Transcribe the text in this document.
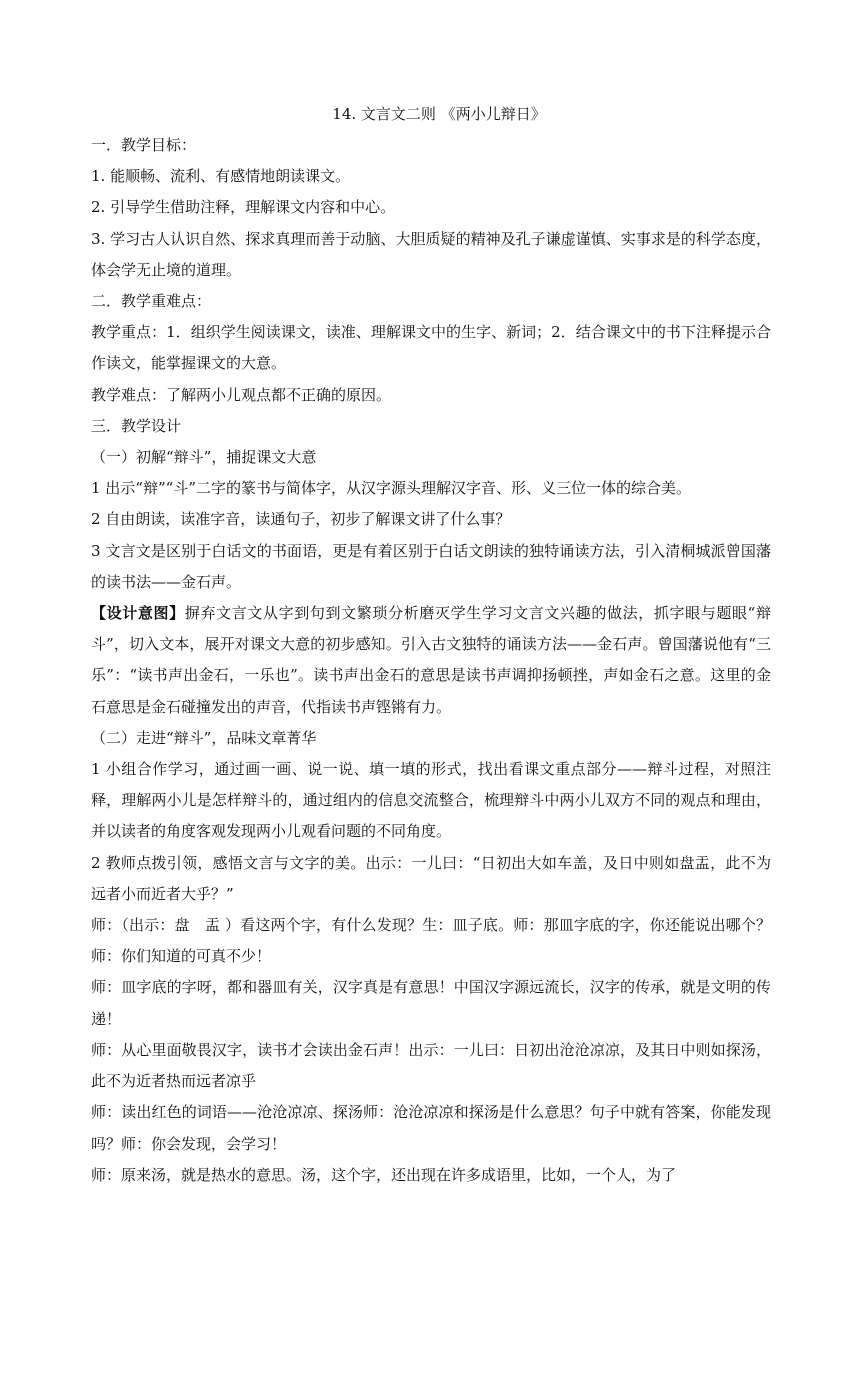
14. 文言文二则 《两小儿辩日》

一．教学目标：

1. 能顺畅、流利、有感情地朗读课文。

2. 引导学生借助注释，理解课文内容和中心。

3. 学习古人认识自然、探求真理而善于动脑、大胆质疑的精神及孔子谦虚谨慎、实事求是的科学态度，体会学无止境的道理。

二．教学重难点：

教学重点：1．组织学生阅读课文，读准、理解课文中的生字、新词；2．结合课文中的书下注释提示合作读文，能掌握课文的大意。

教学难点：了解两小儿观点都不正确的原因。

三．教学设计

（一）初解“辩斗”，捕捉课文大意

1 出示“辩”“斗”二字的篆书与简体字，从汉字源头理解汉字音、形、义三位一体的综合美。

2 自由朗读，读准字音，读通句子，初步了解课文讲了什么事？

3 文言文是区别于白话文的书面语，更是有着区别于白话文朗读的独特诵读方法，引入清桐城派曾国藩的读书法——金石声。

【设计意图】摒弃文言文从字到句到文繁琐分析磨灭学生学习文言文兴趣的做法，抓字眼与题眼“辩斗”，切入文本，展开对课文大意的初步感知。引入古文独特的诵读方法——金石声。曾国藩说他有“三乐”：“读书声出金石，一乐也”。读书声出金石的意思是读书声调抑扬顿挫，声如金石之意。这里的金石意思是金石碰撞发出的声音，代指读书声铿锵有力。

（二）走进“辩斗”，品味文章菁华

1 小组合作学习，通过画一画、说一说、填一填的形式，找出看课文重点部分——辩斗过程，对照注释，理解两小儿是怎样辩斗的，通过组内的信息交流整合，梳理辩斗中两小儿双方不同的观点和理由，并以读者的角度客观发现两小儿观看问题的不同角度。

2 教师点拨引领，感悟文言与文字的美。出示：一儿曰：“日初出大如车盖，及日中则如盘盂，此不为远者小而近者大乎？”

师：（出示：盘　盂 ）看这两个字，有什么发现？生：皿子底。师：那皿字底的字，你还能说出哪个？师：你们知道的可真不少！

师：皿字底的字呀，都和器皿有关，汉字真是有意思！中国汉字源远流长，汉字的传承，就是文明的传递！

师：从心里面敬畏汉字，读书才会读出金石声！出示：一儿曰：日初出沧沧凉凉，及其日中则如探汤，此不为近者热而远者凉乎

师：读出红色的词语——沧沧凉凉、探汤师：沧沧凉凉和探汤是什么意思？句子中就有答案，你能发现吗？师：你会发现，会学习！

师：原来汤，就是热水的意思。汤，这个字，还出现在许多成语里，比如，一个人，为了
